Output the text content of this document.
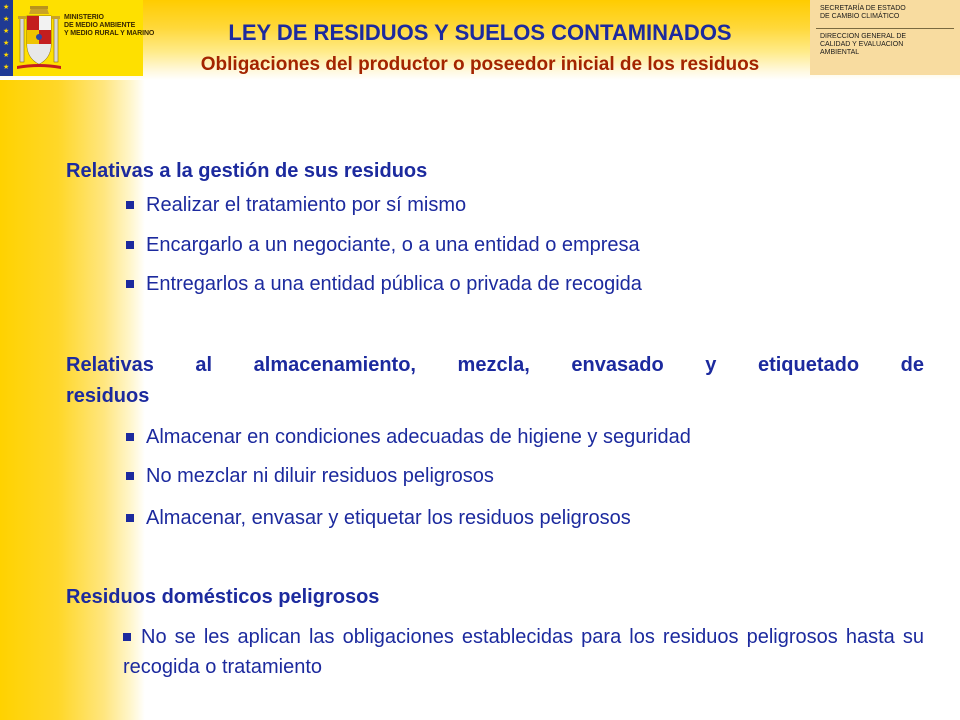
★
★
★
★
★
★
MINISTERIO
DE MEDIO AMBIENTE
Y MEDIO RURAL Y MARINO
SECRETARÍA DE ESTADO
DE CAMBIO CLIMÁTICO
DIRECCION GENERAL DE
CALIDAD Y EVALUACION
AMBIENTAL
LEY DE RESIDUOS Y SUELOS CONTAMINADOS
Obligaciones del productor o poseedor inicial de los residuos
Relativas a la gestión de sus residuos
Realizar el tratamiento por sí mismo
Encargarlo a un negociante, o a una entidad o empresa
Entregarlos a una entidad pública o privada de recogida
Relativas al almacenamiento, mezcla, envasado y etiquetado de
residuos
Almacenar en condiciones adecuadas de higiene y seguridad
No mezclar ni diluir residuos peligrosos
Almacenar, envasar y etiquetar los residuos peligrosos
Residuos domésticos peligrosos
No se les aplican las obligaciones establecidas para los residuos peligrosos hasta su recogida o tratamiento
